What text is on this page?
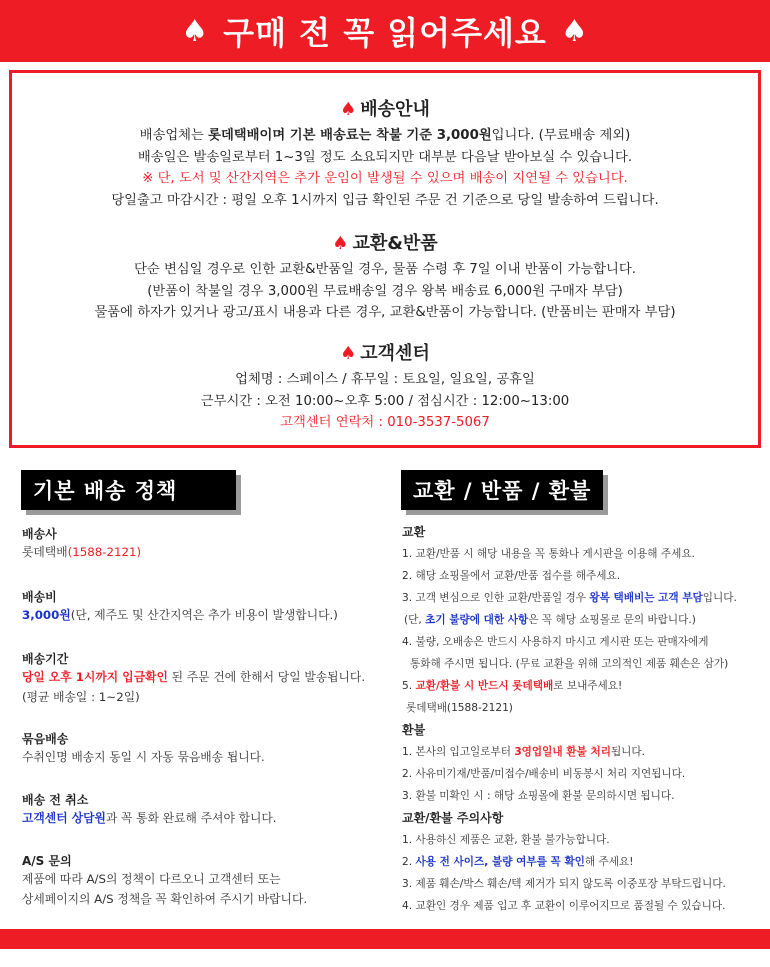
♠ 구매 전 꼭 읽어주세요 ♠
♠ 배송안내

배송업체는 롯데택배이며 기본 배송료는 착불 기준 3,000원입니다. (무료배송 제외)

배송일은 발송일로부터 1~3일 정도 소요되지만 대부분 다음날 받아보실 수 있습니다.

※ 단, 도서 및 산간지역은 추가 운임이 발생될 수 있으며 배송이 지연될 수 있습니다.

당일출고 마감시간 : 평일 오후 1시까지 입금 확인된 주문 건 기준으로 당일 발송하여 드립니다.

♠ 교환&반품

단순 변심일 경우로 인한 교환&반품일 경우, 물품 수령 후 7일 이내 반품이 가능합니다.

(반품이 착불일 경우 3,000원 무료배송일 경우 왕복 배송료 6,000원 구매자 부담)

물품에 하자가 있거나 광고/표시 내용과 다른 경우, 교환&반품이 가능합니다. (반품비는 판매자 부담)

♠ 고객센터

업체명 : 스페이스 / 휴무일 : 토요일, 일요일, 공휴일

근무시간 : 오전 10:00~오후 5:00 / 점심시간 : 12:00~13:00

고객센터 연락처 : 010-3537-5067

기본 배송 정책	교환 / 반품 / 환불
배송사
롯데택배(1588-2121)
배송비
3,000원(단, 제주도 및 산간지역은 추가 비용이 발생합니다.)
배송기간
당일 오후 1시까지 입금확인 된 주문 건에 한해서 당일 발송됩니다.
(평균 배송일 : 1~2일)
묶음배송
수취인명 배송지 동일 시 자동 묶음배송 됩니다.
배송 전 취소
고객센터 상담원과 꼭 통화 완료해 주셔야 합니다.
A/S 문의
제품에 따라 A/S의 정책이 다르오니 고객센터 또는
상세페이지의 A/S 정책을 꼭 확인하여 주시기 바랍니다.
교환
1. 교환/반품 시 해당 내용을 꼭 통화나 게시판을 이용해 주세요.
2. 해당 쇼핑몰에서 교환/반품 접수를 해주세요.
3. 고객 변심으로 인한 교환/반품일 경우 왕복 택배비는 고객 부담입니다.
(단, 초기 불량에 대한 사항은 꼭 해당 쇼핑몰로 문의 바랍니다.)
4. 불량, 오배송은 반드시 사용하지 마시고 게시판 또는 판매자에게
통화해 주시면 됩니다. (무료 교환을 위해 고의적인 제품 훼손은 삼가)
5. 교환/환불 시 반드시 롯데택배로 보내주세요!
롯데택배(1588-2121)
환불
1. 본사의 입고일로부터 3영업일내 환불 처리됩니다.
2. 사유미기재/반품/미접수/배송비 비동봉시 처리 지연됩니다.
3. 환불 미확인 시 : 해당 쇼핑몰에 환불 문의하시면 됩니다.
교환/환불 주의사항
1. 사용하신 제품은 교환, 환불 불가능합니다.
2. 사용 전 사이즈, 불량 여부를 꼭 확인해 주세요!
3. 제품 훼손/박스 훼손/텍 제거가 되지 않도록 이중포장 부탁드립니다.
4. 교환인 경우 제품 입고 후 교환이 이루어지므로 품절될 수 있습니다.
